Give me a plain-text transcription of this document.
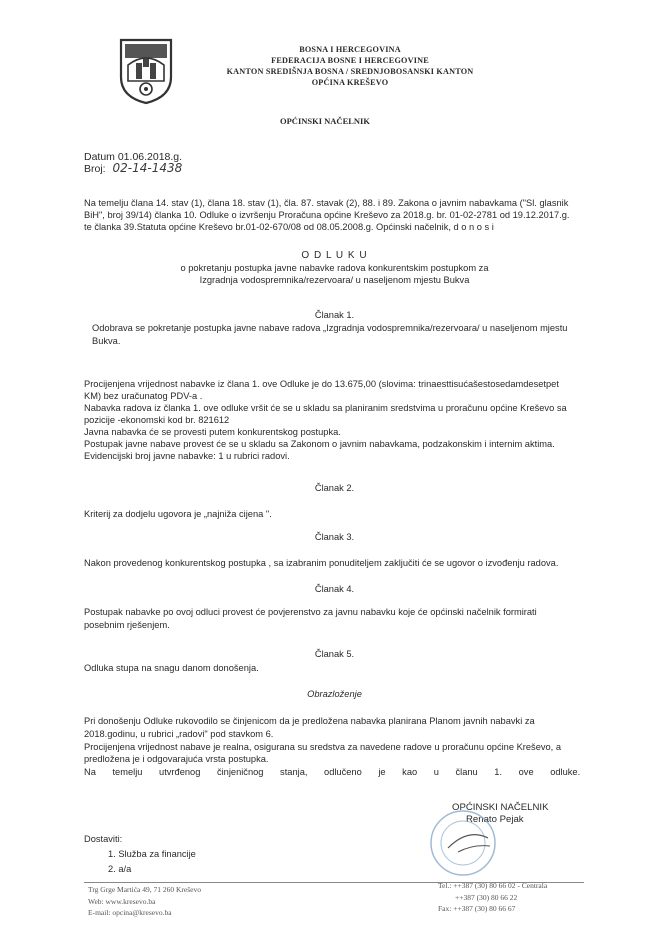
BOSNA I HERCEGOVINA
FEDERACIJA BOSNE I HERCEGOVINE
KANTON SREDIŠNJA BOSNA / SREDNJOBOSANSKI KANTON
OPĆINA KREŠEVO
OPĆINSKI NAČELNIK
Datum 01.06.2018.g.
Broj: 02-14-1438
Na temelju članа 14. stav (1), člana 18. stav (1), čla. 87. stavak (2), 88. i 89. Zakona o javnim nabavkama ("Sl. glasnik
BiH", broj 39/14) članka 10. Odluke o izvršenju Proračuna općine Kreševo za 2018.g. br. 01-02-2781 od 19.12.2017.g.
te članka 39.Statuta općine Kreševo br.01-02-670/08 od 08.05.2008.g. Općinski načelnik, d o n o s i
O D L U K U
o pokretanju postupka javne nabavke radova konkurentskim postupkom za
Izgradnja vodospremnika/rezervoara/ u naseljenom mjestu Bukva
Članak 1.
Odobrava se pokretanje postupka javne nabave radova „Izgradnja vodospremnika/rezervoara/ u naseljenom mjestu
Bukva.
Procijenjena vrijednost nabavke iz člana 1. ove Odluke je do 13.675,00 (slovima: trinaesttisućašestosedamdesetpet
KM) bez uračunatog PDV-a .
Nabavka radova iz članka 1. ove odluke vršit će se u skladu sa planiranim sredstvima u proračunu općine Kreševo sa
pozicije -ekonomski kod br. 821612
Javna nabavka će se provesti putem konkurentskog postupka.
Postupak javne nabave provest će se u skladu sa Zakonom o javnim nabavkama, podzakonskim i internim aktima.
Evidencijski broj javne nabavke: 1 u rubrici radovi.
Članak 2.
Kriterij za dodjelu ugovora je „najniža cijena ".
Članak 3.
Nakon provedenog konkurentskog postupka , sa izabranim ponuditeljem zaključiti će se ugovor o izvođenju radova.
Članak 4.
Postupak nabavke po ovoj odluci provest će povjerenstvo za javnu nabavku koje će općinski načelnik formirati
posebnim rješenjem.
Članak 5.
Odluka stupa na snagu danom donošenja.
Obrazloženje
Pri donošenju Odluke rukovodilo se činjenicom da je predložena nabavka planirana Planom javnih nabavki za
2018.godinu, u rubrici „radovi" pod stavkom 6.
Procijenjena vrijednost nabave je realna, osigurana su sredstva za navedene radove u proračunu općine Kreševo, a
predložena je i odgovarajuća vrsta postupka.
Na temelju utvrđenog činjeničnog stanja, odlučeno je kao u članu 1. ove odluke.
OPĆINSKI NAČELNIK
Renato Pejak
Dostaviti:
1. Služba za financije
2. a/a
Trg Grge Martića 49, 71 260 Kreševo
Web: www.kresevo.ba
E-mail: opcina@kresevo.ba
Tel.: ++387 (30) 80 66 02 - Centrala
++387 (30) 80 66 22
Fax: ++387 (30) 80 66 67
